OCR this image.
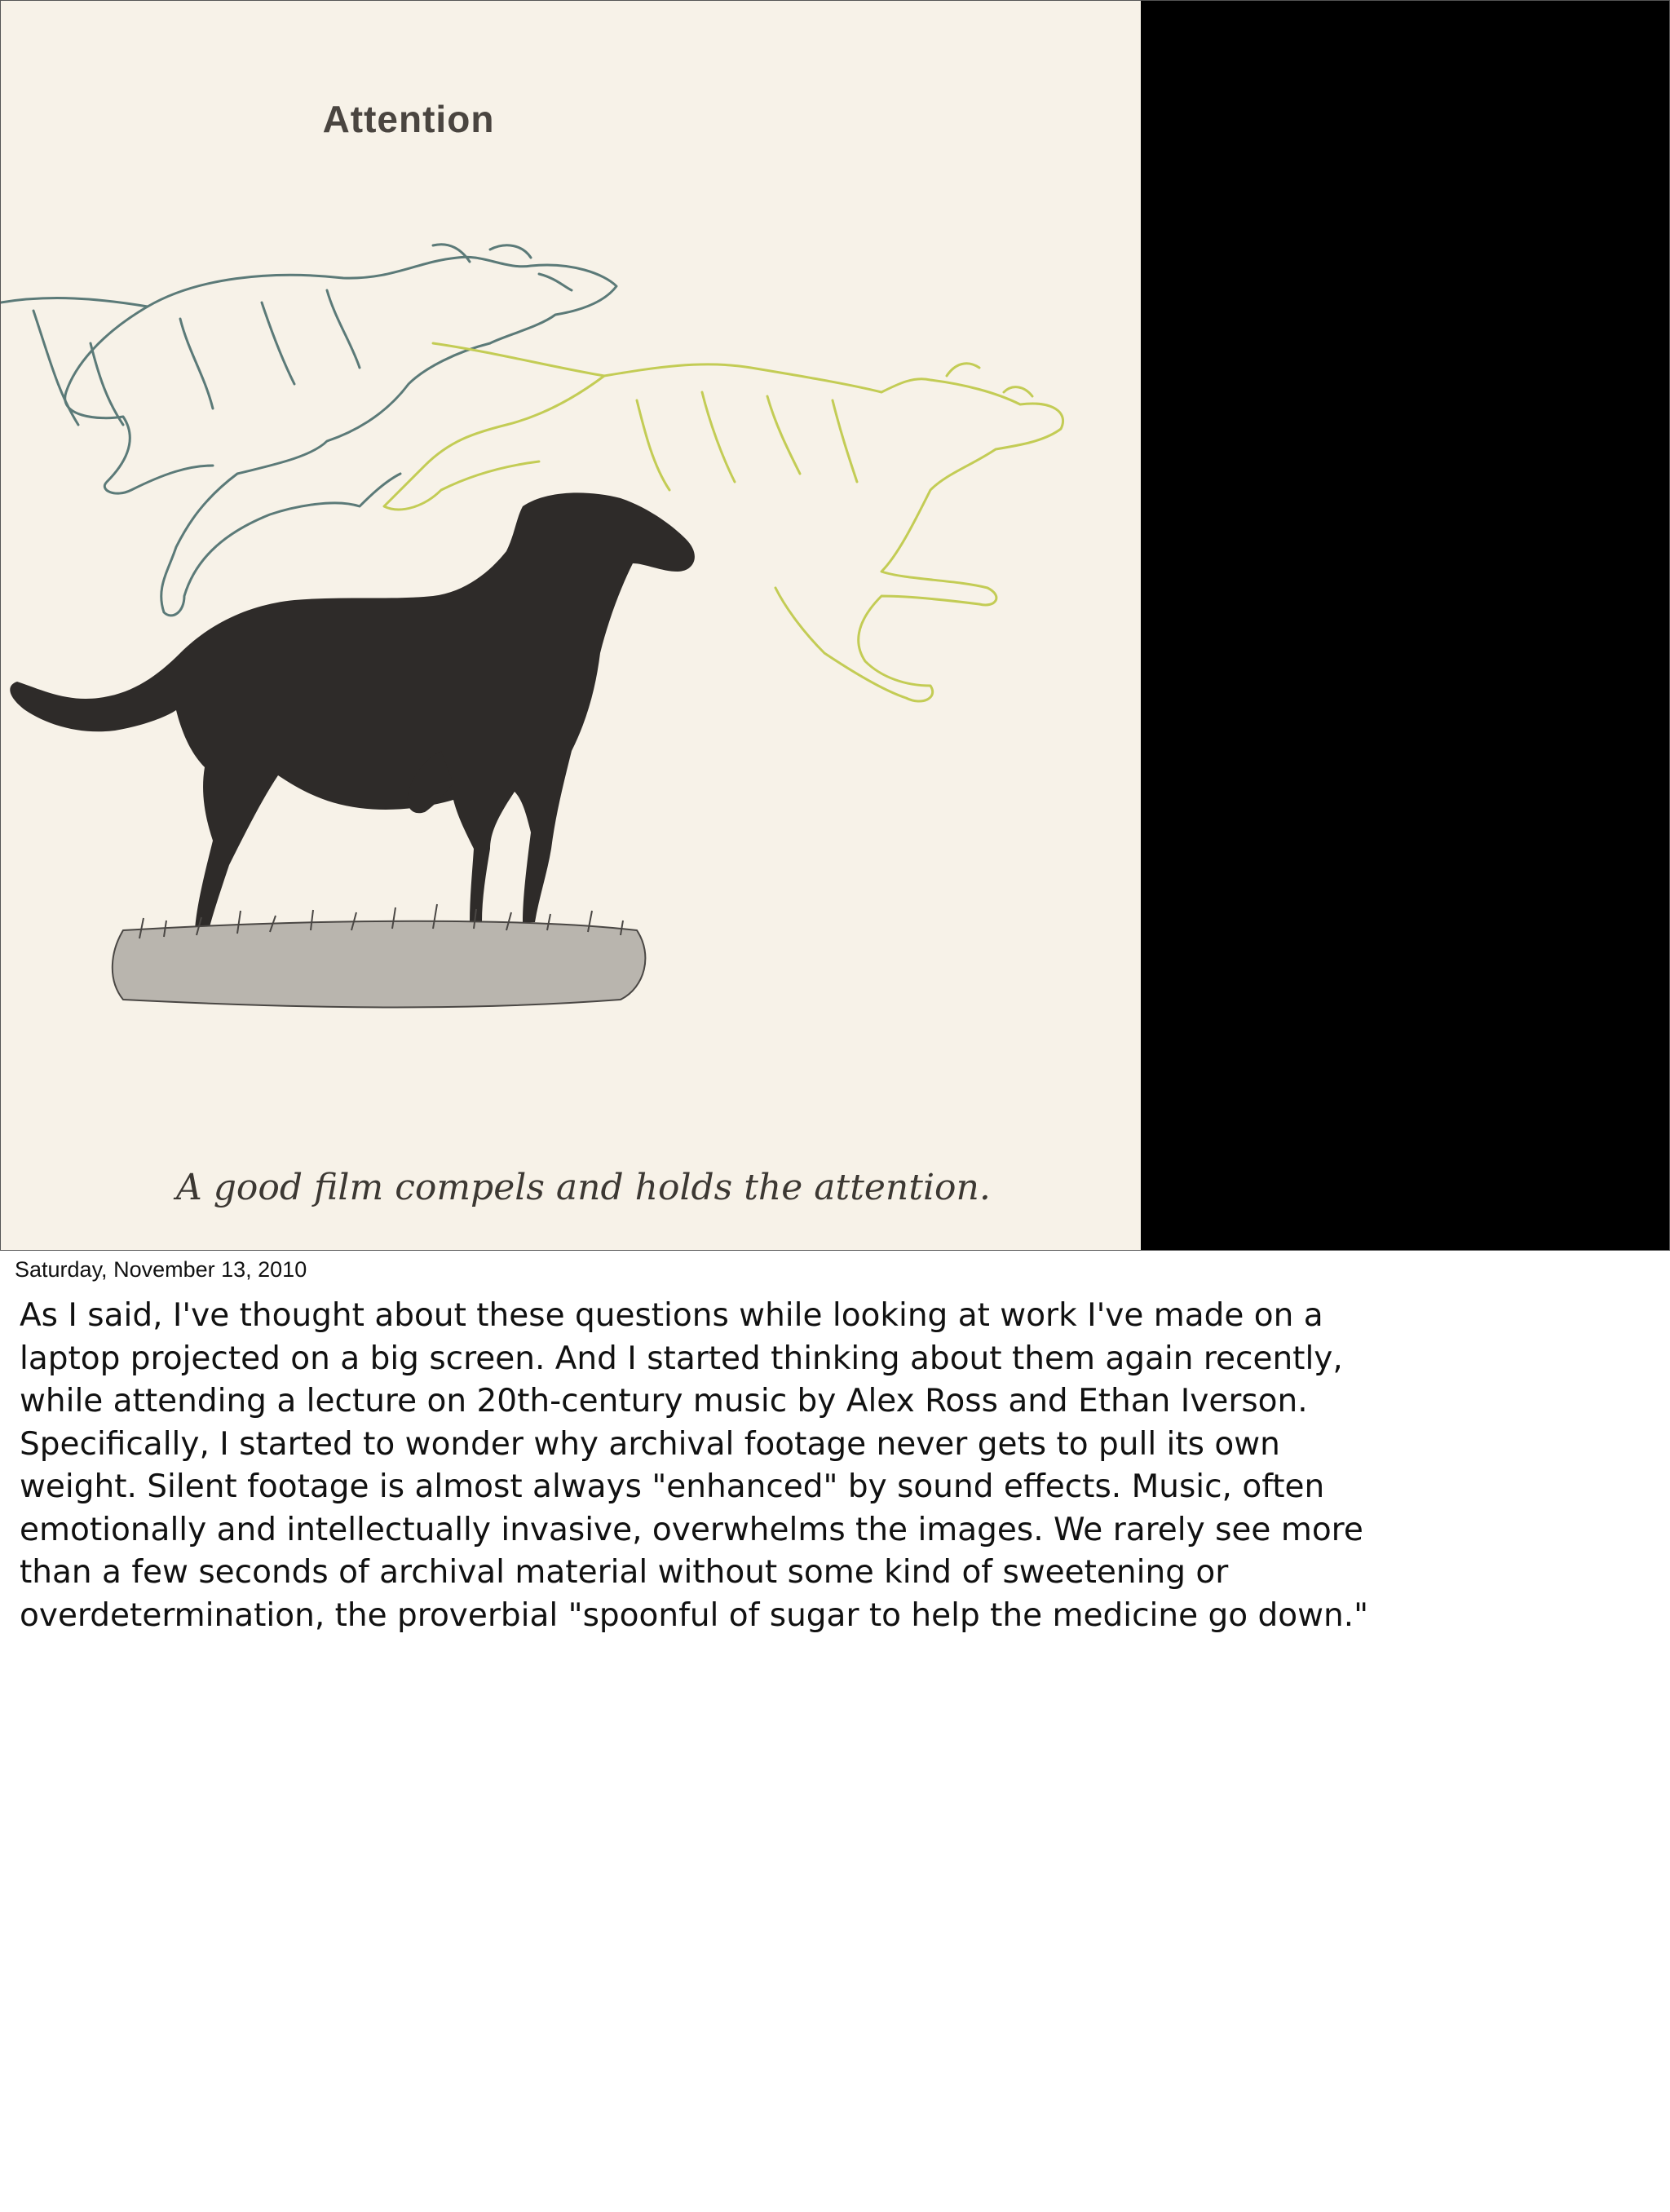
Attention
A good film compels and holds the attention.
Saturday, November 13, 2010
As I said, I've thought about these questions while looking at work I've made on a
laptop projected on a big screen. And I started thinking about them again recently,
while attending a lecture on 20th-century music by Alex Ross and Ethan Iverson.
Specifically, I started to wonder why archival footage never gets to pull its own
weight. Silent footage is almost always "enhanced" by sound effects. Music, often
emotionally and intellectually invasive, overwhelms the images. We rarely see more
than a few seconds of archival material without some kind of sweetening or
overdetermination, the proverbial "spoonful of sugar to help the medicine go down."
